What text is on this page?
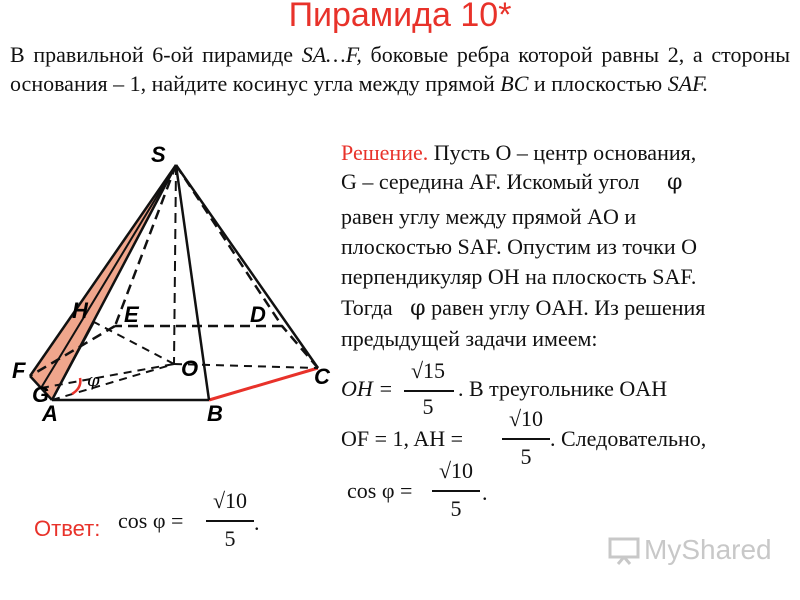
Пирамида 10*
В правильной 6-ой пирамиде SA…F, боковые ребра которой равны 2, а стороны основания – 1, найдите косинус угла между прямой BC и плоскостью SAF.
S
H E	D
F	O	C
G
A	B
φ
Решение. Пусть O – центр основания,
G – середина AF. Искомый угол φ
равен углу между прямой AO и
плоскостью SAF. Опустим из точки O
перпендикуляр OH на плоскость SAF.
Тогда φ равен углу OAH. Из решения
предыдущей задачи имеем:
OH =
√15
5
. В треугольнике OAH
OF = 1, AH =
√10
5
. Следовательно,
cos φ =
√10
5
.
Ответ: cos φ =
√10
5
.
MyShared
